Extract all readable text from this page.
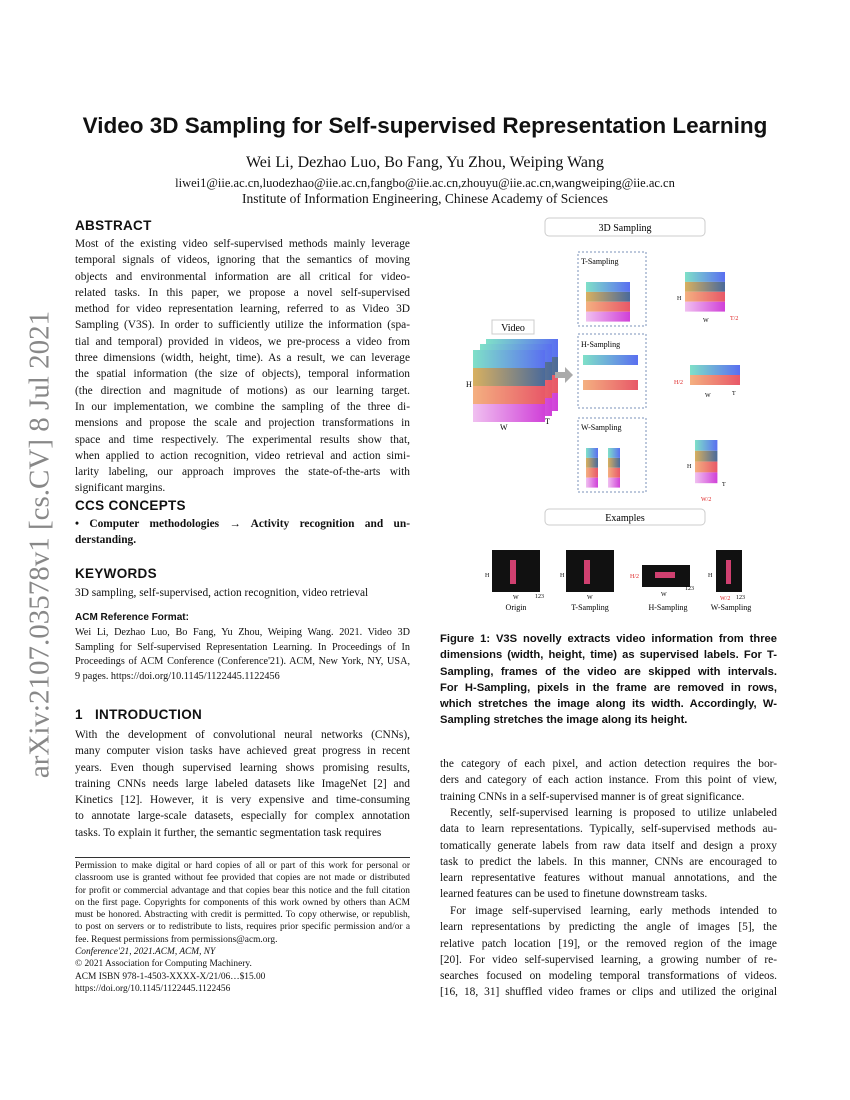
arXiv:2107.03578v1 [cs.CV] 8 Jul 2021
Video 3D Sampling for Self-supervised Representation Learning
Wei Li, Dezhao Luo, Bo Fang, Yu Zhou, Weiping Wang
liwei1@iie.ac.cn,luodezhao@iie.ac.cn,fangbo@iie.ac.cn,zhouyu@iie.ac.cn,wangweiping@iie.ac.cn
Institute of Information Engineering, Chinese Academy of Sciences
ABSTRACT
Most of the existing video self-supervised methods mainly leverage
temporal signals of videos, ignoring that the semantics of moving
objects and environmental information are all critical for video-
related tasks. In this paper, we propose a novel self-supervised
method for video representation learning, referred to as Video 3D
Sampling (V3S). In order to sufficiently utilize the information (spa-
tial and temporal) provided in videos, we pre-process a video from
three dimensions (width, height, time). As a result, we can leverage
the spatial information (the size of objects), temporal information
(the direction and magnitude of motions) as our learning target.
In our implementation, we combine the sampling of the three di-
mensions and propose the scale and projection transformations in
space and time respectively. The experimental results show that,
when applied to action recognition, video retrieval and action simi-
larity labeling, our approach improves the state-of-the-arts with
significant margins.
CCS CONCEPTS
• Computer methodologies → Activity recognition and un-
derstanding.
KEYWORDS
3D sampling, self-supervised, action recognition, video retrieval
ACM Reference Format:
Wei Li, Dezhao Luo, Bo Fang, Yu Zhou, Weiping Wang. 2021. Video 3D
Sampling for Self-supervised Representation Learning. In Proceedings of In
Proceedings of ACM Conference (Conference'21). ACM, New York, NY, USA,
9 pages. https://doi.org/10.1145/1122445.1122456
1 INTRODUCTION
With the development of convolutional neural networks (CNNs),
many computer vision tasks have achieved great progress in recent
years. Even though supervised learning shows promising results,
training CNNs needs large labeled datasets like ImageNet [2] and
Kinetics [12]. However, it is very expensive and time-consuming
to annotate large-scale datasets, especially for complex annotation
tasks. To explain it further, the semantic segmentation task requires
Permission to make digital or hard copies of all or part of this work for personal or
classroom use is granted without fee provided that copies are not made or distributed
for profit or commercial advantage and that copies bear this notice and the full citation
on the first page. Copyrights for components of this work owned by others than ACM
must be honored. Abstracting with credit is permitted. To copy otherwise, or republish,
to post on servers or to redistribute to lists, requires prior specific permission and/or a
fee. Request permissions from permissions@acm.org.
Conference'21, 2021.ACM, ACM, NY
© 2021 Association for Computing Machinery.
ACM ISBN 978-1-4503-XXXX-X/21/06…$15.00
https://doi.org/10.1145/1122445.1122456
3D Sampling
Video
H
W
T
T-Sampling
H-Sampling
W-Sampling
H
W	T/2
H/2
W	T
H
T
W/2
Examples
H	H	H/2	H
W	W	W
W/2
123
123
123
Origin	T-Sampling	H-Sampling	W-Sampling
Figure 1: V3S novelly extracts video information from three
dimensions (width, height, time) as supervised labels. For T-
Sampling, frames of the video are skipped with intervals.
For H-Sampling, pixels in the frame are removed in rows,
which stretches the image along its width. Accordingly, W-
Sampling stretches the image along its height.
the category of each pixel, and action detection requires the bor-
ders and category of each action instance. From this point of view,
training CNNs in a self-supervised manner is of great significance.
Recently, self-supervised learning is proposed to utilize unlabeled
data to learn representations. Typically, self-supervised methods au-
tomatically generate labels from raw data itself and design a proxy
task to predict the labels. In this manner, CNNs are encouraged to
learn representative features without manual annotations, and the
learned features can be used to finetune downstream tasks.
For image self-supervised learning, early methods intended to
learn representations by predicting the angle of images [5], the
relative patch location [19], or the removed region of the image
[20]. For video self-supervised learning, a growing number of re-
searches focused on modeling temporal transformations of videos.
[16, 18, 31] shuffled video frames or clips and utilized the original
